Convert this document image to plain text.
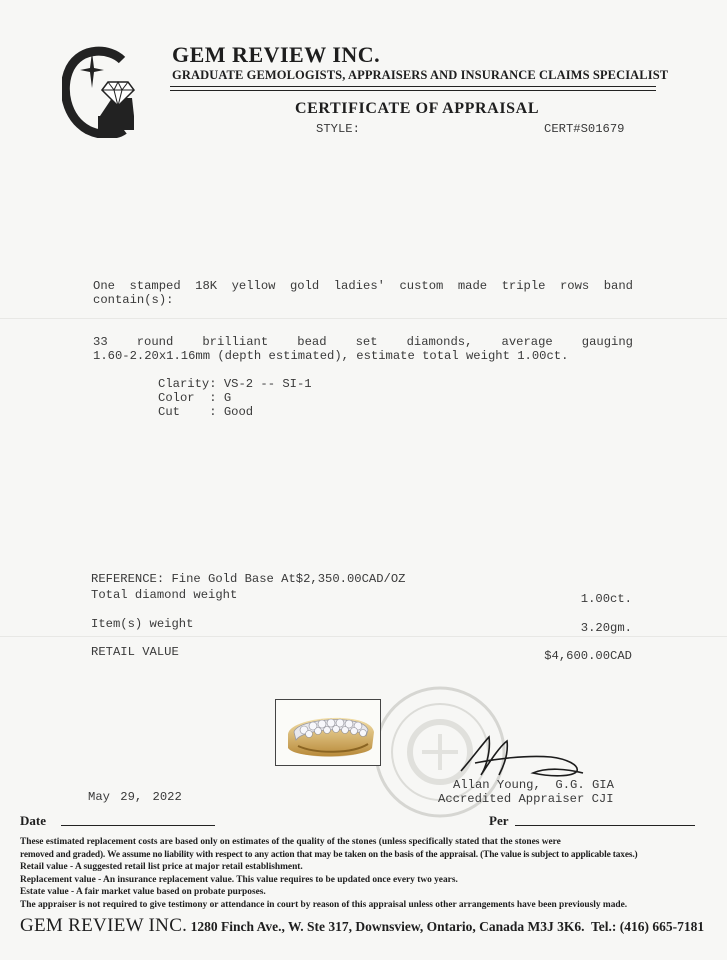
GEM REVIEW INC.
GRADUATE GEMOLOGISTS, APPRAISERS AND INSURANCE CLAIMS SPECIALIST
CERTIFICATE OF APPRAISAL
STYLE:	CERT#S01679
One stamped 18K yellow gold ladies' custom made triple rows band
contain(s):
33 round brilliant bead set diamonds, average gauging
1.60-2.20x1.16mm (depth estimated), estimate total weight 1.00ct.
Clarity: VS-2 -- SI-1
Color  : G
Cut    : Good
REFERENCE: Fine Gold Base At$2,350.00CAD/OZ
Total diamond weight	1.00ct.
Item(s) weight	3.20gm.
RETAIL VALUE	$4,600.00CAD
Allan Young,  G.G. GIA
Accredited Appraiser CJI
May 29, 2022
Date	Per
These estimated replacement costs are based only on estimates of the quality of the stones (unless specifically stated that the stones were
removed and graded). We assume no liability with respect to any action that may be taken on the basis of the appraisal. (The value is subject to applicable taxes.)
Retail value - A suggested retail list price at major retail establishment.
Replacement value - An insurance replacement value. This value requires to be updated once every two years.
Estate value - A fair market value based on probate purposes.
The appraiser is not required to give testimony or attendance in court by reason of this appraisal unless other arrangements have been previously made.
GEM REVIEW INC. 1280 Finch Ave., W. Ste 317, Downsview, Ontario, Canada M3J 3K6.  Tel.: (416) 665-7181
